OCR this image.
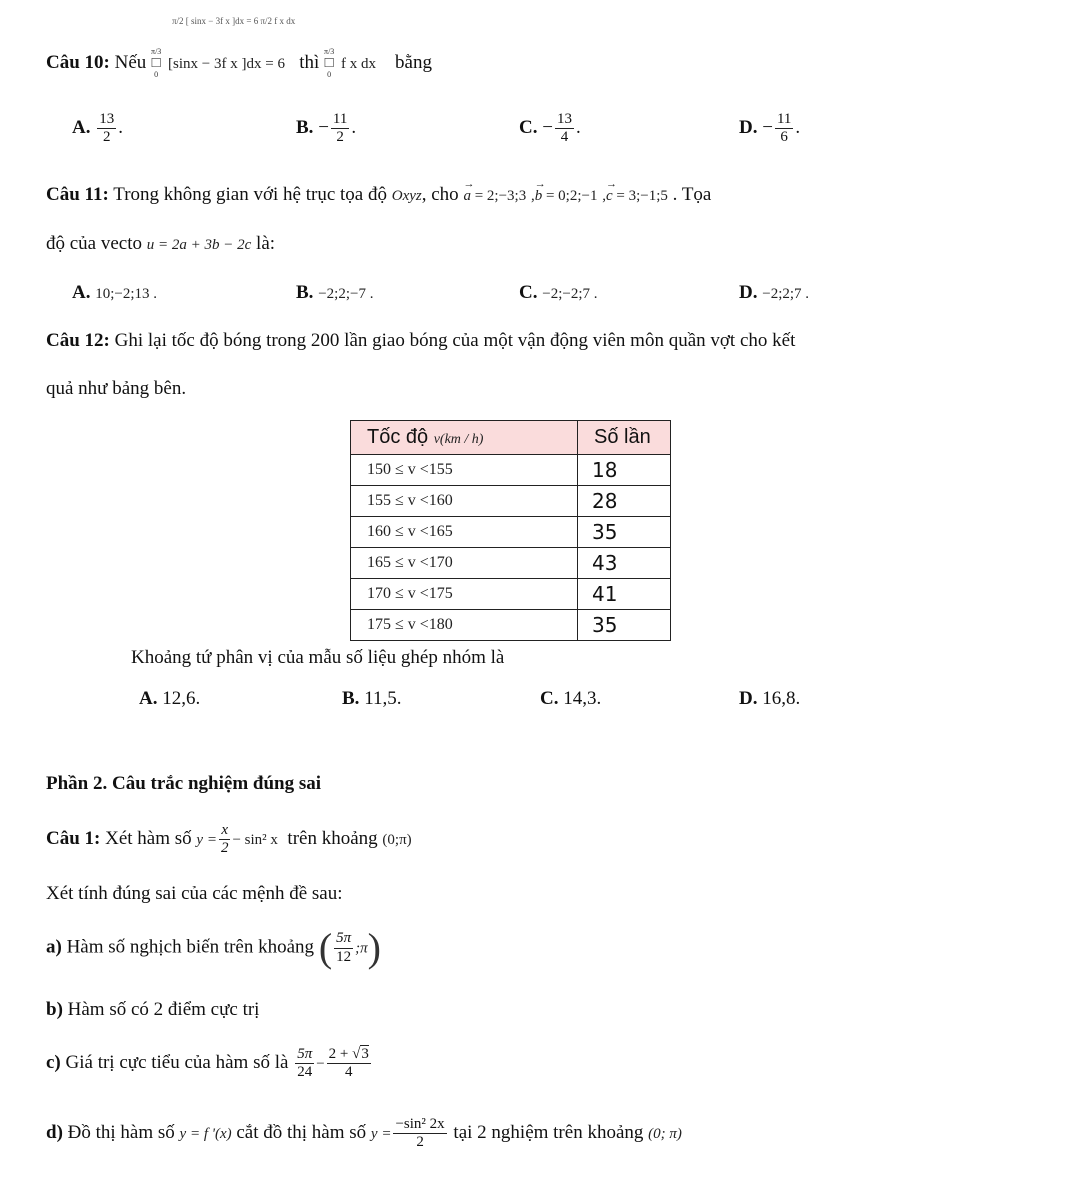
π/2 [ sinx − 3f x ]dx = 6 π/2 f x dx
Câu 10: Nếu
π/3
□
0
[sinx − 3f x ]dx = 6 thì
π/3
□
0
f x dx bằng
A. $\frac{13}{2}$ .	B. − $\frac{11}{2}$ .	C. − $\frac{13}{4}$ .	D. − $\frac{11}{6}$ .
Câu 11: Trong không gian với hệ trục tọa độ Oxyz, cho → a = 2;−3;3 ,→ b = 0;2;−1 ,→ c = 3;−1;5 . Tọa
độ của vecto u = 2a + 3b − 2c là:
A. 10;−2;13 .	B. −2;2;−7 .	C. −2;−2;7 .	D. −2;2;7 .
Câu 12: Ghi lại tốc độ bóng trong 200 lần giao bóng của một vận động viên môn quần vợt cho kết
quả như bảng bên.
Tốc độ v(km / h)	Số lần
150 ≤ v <155	18
155 ≤ v <160	28
160 ≤ v <165	35
165 ≤ v <170	43
170 ≤ v <175	41
175 ≤ v <180	35
Khoảng tứ phân vị của mẫu số liệu ghép nhóm là
A. 12,6.	B. 11,5.	C. 14,3.	D. 16,8.
Phần 2. Câu trắc nghiệm đúng sai
Câu 1: Xét hàm số $y = \frac{x}{2} - \sin^2$ x trên khoảng (0;π)
Xét tính đúng sai của các mệnh đề sau:
a) Hàm số nghịch biến trên khoảng ( $\frac{5\pi}{12}$ ;π)
b) Hàm số có 2 điểm cực trị
c) Giá trị cực tiểu của hàm số là $\frac{5\pi}{24} - \frac{2 + √3}{4}$
d) Đồ thị hàm số y = f '(x) cắt đồ thị hàm số $y = \frac{\text{−sin² 2x}}{2}$ tại 2 nghiệm trên khoảng (0; π)
